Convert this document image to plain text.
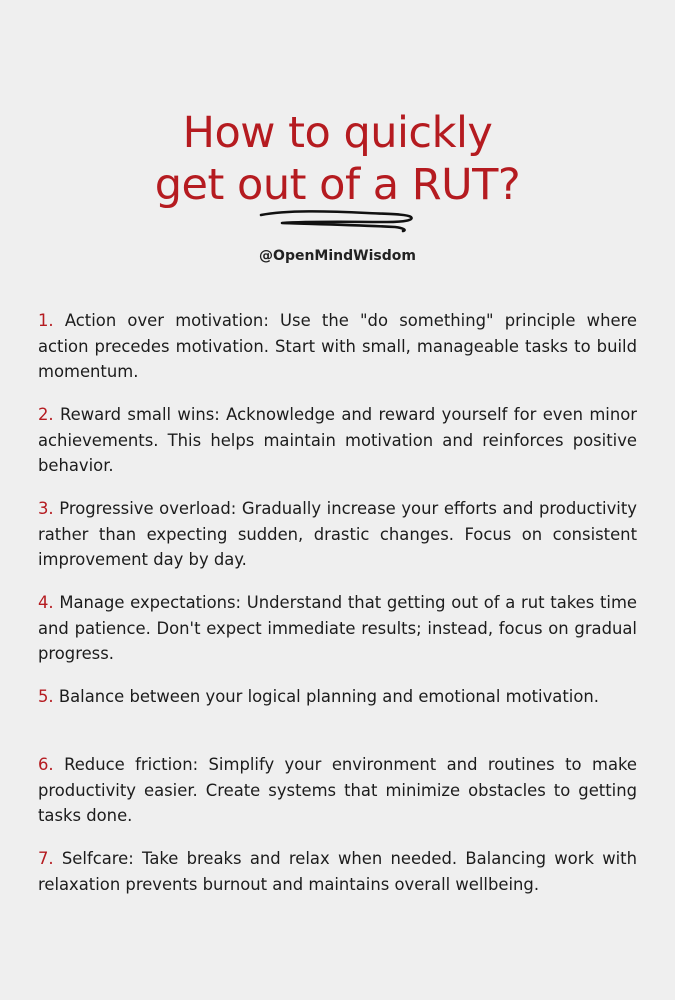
How to quickly
get out of a RUT?
@OpenMindWisdom
1. Action over motivation: Use the "do something" principle where action precedes motivation. Start with small, manageable tasks to build momentum.
2. Reward small wins: Acknowledge and reward yourself for even minor achievements. This helps maintain motivation and reinforces positive behavior.
3. Progressive overload: Gradually increase your efforts and productivity rather than expecting sudden, drastic changes. Focus on consistent improvement day by day.
4. Manage expectations: Understand that getting out of a rut takes time and patience. Don't expect immediate results; instead, focus on gradual progress.
5. Balance between your logical planning and emotional motivation.
6. Reduce friction: Simplify your environment and routines to make productivity easier. Create systems that minimize obstacles to getting tasks done.
7. Selfcare: Take breaks and relax when needed. Balancing work with relaxation prevents burnout and maintains overall wellbeing.
